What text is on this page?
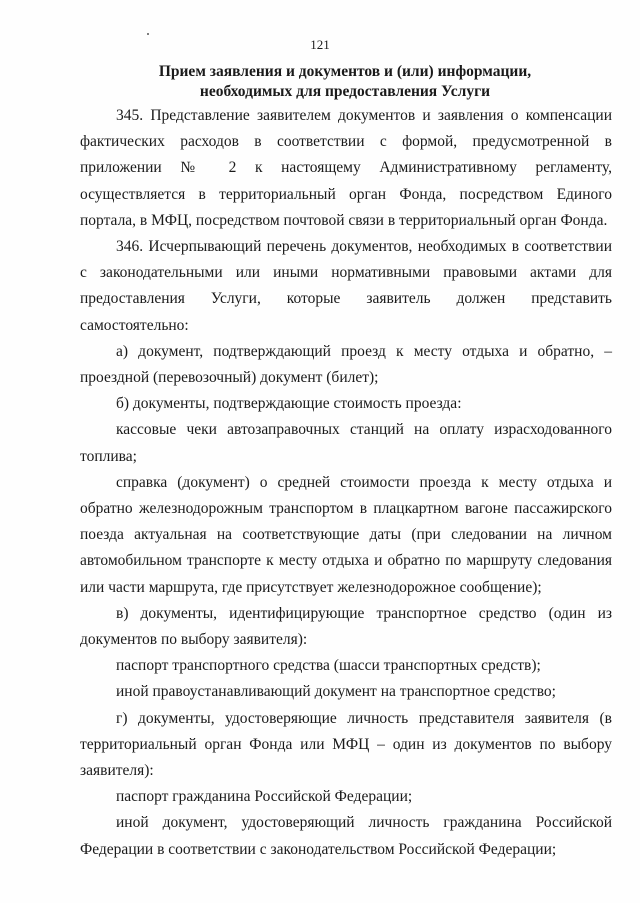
121
Прием заявления и документов и (или) информации,
необходимых для предоставления Услуги

345. Представление заявителем документов и заявления о компенсации фактических расходов в соответствии с формой, предусмотренной в приложении № 2 к настоящему Административному регламенту, осуществляется в территориальный орган Фонда, посредством Единого портала, в МФЦ, посредством почтовой связи в территориальный орган Фонда.

346. Исчерпывающий перечень документов, необходимых в соответствии с законодательными или иными нормативными правовыми актами для предоставления Услуги, которые заявитель должен представить самостоятельно:

а) документ, подтверждающий проезд к месту отдыха и обратно, – проездной (перевозочный) документ (билет);

б) документы, подтверждающие стоимость проезда:

кассовые чеки автозаправочных станций на оплату израсходованного топлива;

справка (документ) о средней стоимости проезда к месту отдыха и обратно железнодорожным транспортом в плацкартном вагоне пассажирского поезда актуальная на соответствующие даты (при следовании на личном автомобильном транспорте к месту отдыха и обратно по маршруту следования или части маршрута, где присутствует железнодорожное сообщение);

в) документы, идентифицирующие транспортное средство (один из документов по выбору заявителя):

паспорт транспортного средства (шасси транспортных средств);

иной правоустанавливающий документ на транспортное средство;

г) документы, удостоверяющие личность представителя заявителя (в территориальный орган Фонда или МФЦ – один из документов по выбору заявителя):

паспорт гражданина Российской Федерации;

иной документ, удостоверяющий личность гражданина Российской Федерации в соответствии с законодательством Российской Федерации;
